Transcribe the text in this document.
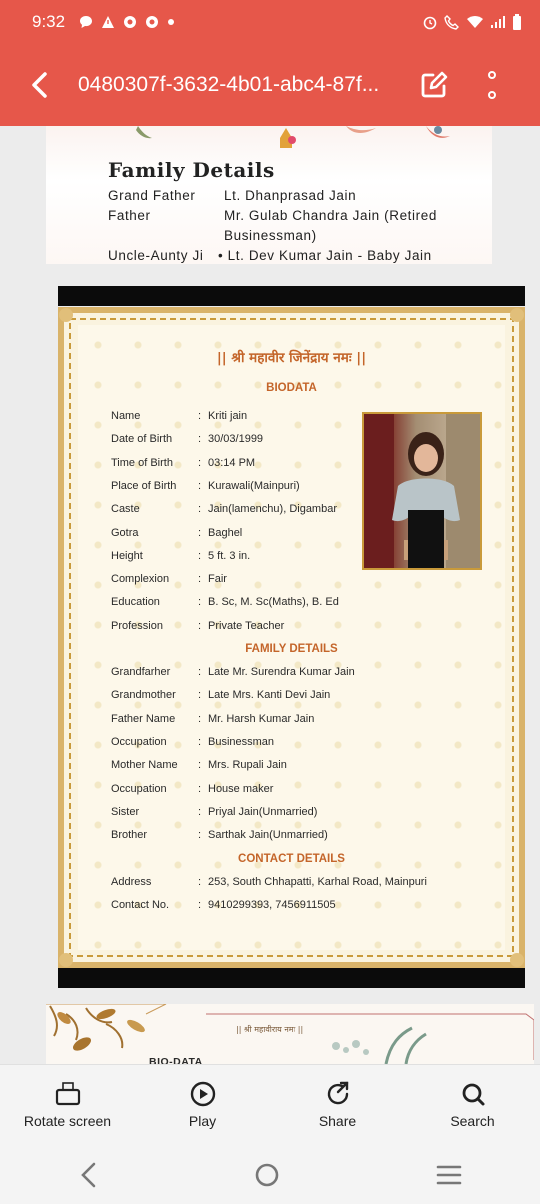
9:32
0480307f-3632-4b01-abc4-87f...
Family Details
Grand Father Lt. Dhanprasad Jain
Father	Mr. Gulab Chandra Jain (Retired Businessman)
Uncle-Aunty Ji • Lt. Dev Kumar Jain - Baby Jain
|| श्री महावीर जिनेंद्राय नमः ||
BIODATA
Name	: Kriti jain
Date of Birth : 30/03/1999
Time of Birth : 03:14 PM
Place of Birth : Kurawali(Mainpuri)
Caste	: Jain(lamenchu), Digambar
Gotra	: Baghel
Height	: 5 ft. 3 in.
Complexion	: Fair
Education	: B. Sc, M. Sc(Maths), B. Ed
Profession	: Private Teacher
FAMILY DETAILS
Grandfarher	: Late Mr. Surendra Kumar Jain
Grandmother : Late Mrs. Kanti Devi Jain
Father Name : Mr. Harsh Kumar Jain
Occupation	: Businessman
Mother Name : Mrs. Rupali Jain
Occupation	: House maker
Sister	: Priyal Jain(Unmarried)
Brother	: Sarthak Jain(Unmarried)
CONTACT DETAILS
Address	: 253, South Chhapatti, Karhal Road, Mainpuri
Contact No.	: 9410299393, 7456911505
|| श्री महावीराय नमः ||
BIO-DATA
Rotate screen	Play	Share	Search
